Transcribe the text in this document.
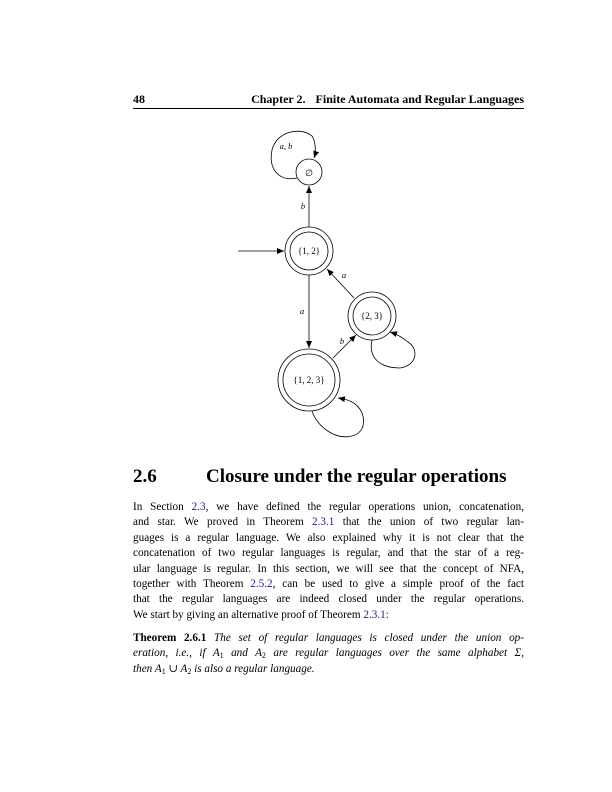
48	Chapter 2. Finite Automata and Regular Languages
∅
{1, 2}
{2, 3}
{1, 2, 3}
a, b
b
a
a
b
2.6	Closure under the regular operations
In Section 2.3, we have defined the regular operations union, concatenation,
and star. We proved in Theorem 2.3.1 that the union of two regular lan-
guages is a regular language. We also explained why it is not clear that the
concatenation of two regular languages is regular, and that the star of a reg-
ular language is regular. In this section, we will see that the concept of NFA,
together with Theorem 2.5.2, can be used to give a simple proof of the fact
that the regular languages are indeed closed under the regular operations.
We start by giving an alternative proof of Theorem 2.3.1:
Theorem 2.6.1 The set of regular languages is closed under the union op-
eration, i.e., if $A_1$ and $A_2$ are regular languages over the same alphabet Σ,
then $A_1$ ∪ $A_2$ is also a regular language.
